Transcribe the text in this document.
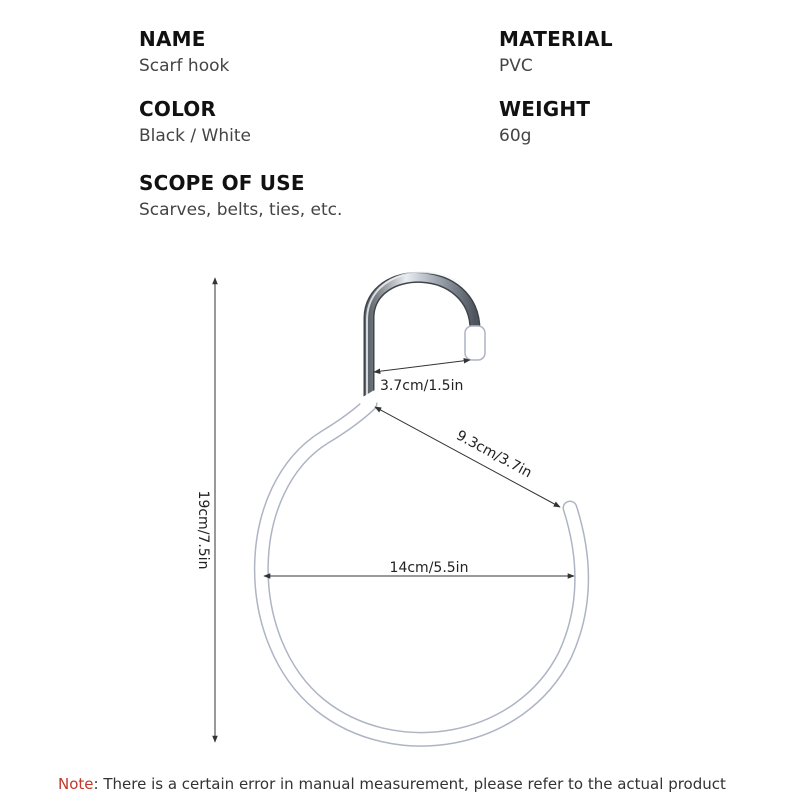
NAME
Scarf hook
MATERIAL
PVC
COLOR
Black / White
WEIGHT
60g
SCOPE OF USE
Scarves, belts, ties, etc.
19cm/7.5in
3.7cm/1.5in
9.3cm/3.7in
14cm/5.5in
Note: There is a certain error in manual measurement, please refer to the actual product
